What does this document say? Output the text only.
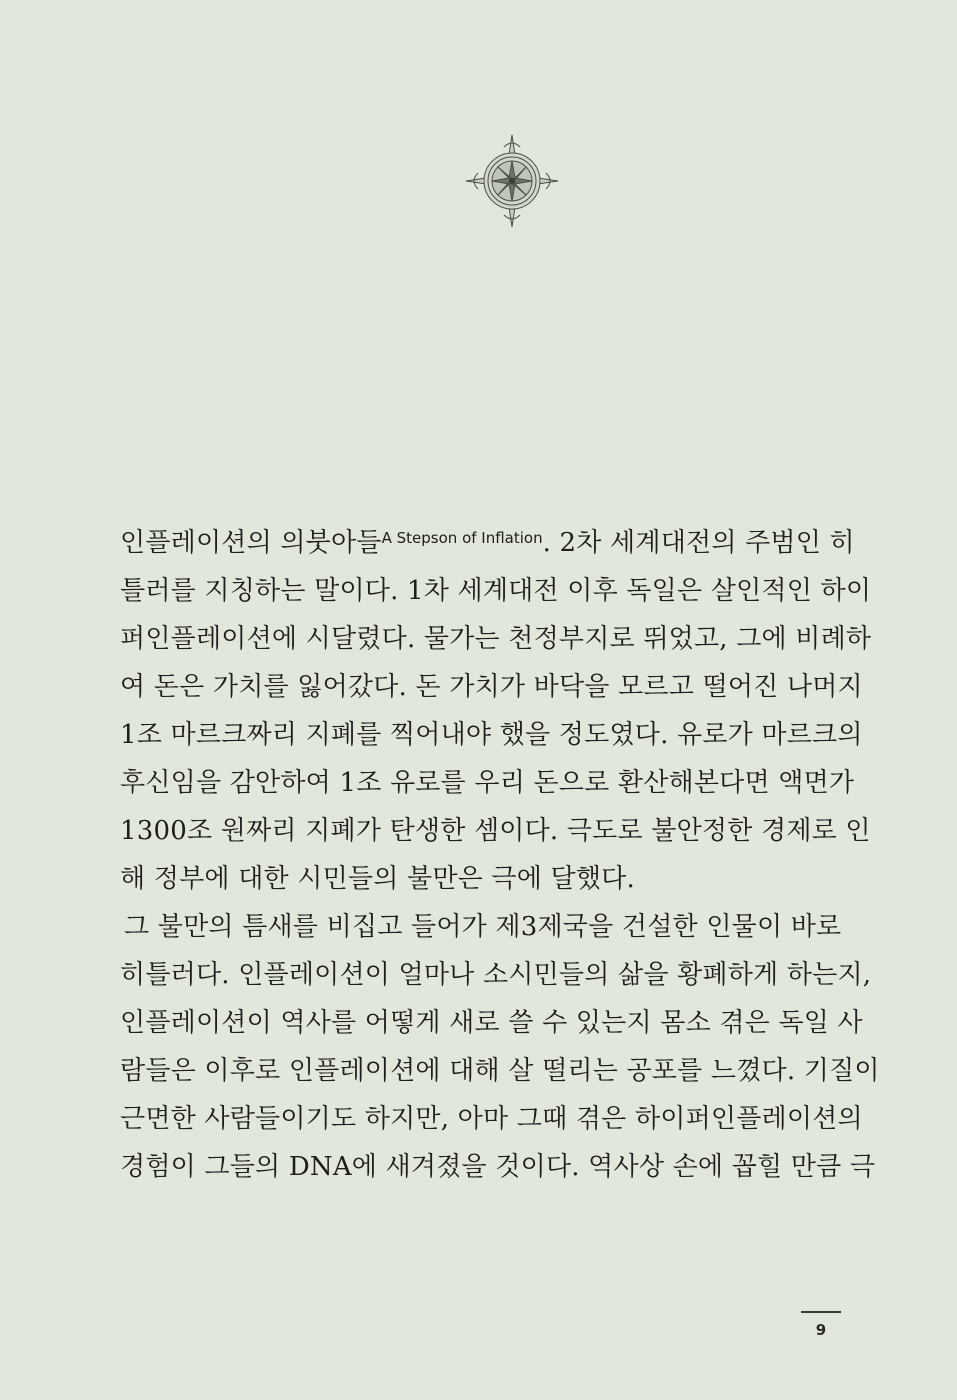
인플레이션의 의붓아들$^{A Stepson of Inflation}$. 2차 세계대전의 주범인 히
틀러를 지칭하는 말이다. 1차 세계대전 이후 독일은 살인적인 하이
퍼인플레이션에 시달렸다. 물가는 천정부지로 뛰었고, 그에 비례하
여 돈은 가치를 잃어갔다. 돈 가치가 바닥을 모르고 떨어진 나머지
1조 마르크짜리 지폐를 찍어내야 했을 정도였다. 유로가 마르크의
후신임을 감안하여 1조 유로를 우리 돈으로 환산해본다면 액면가
1300조 원짜리 지폐가 탄생한 셈이다. 극도로 불안정한 경제로 인
해 정부에 대한 시민들의 불만은 극에 달했다.
그 불만의 틈새를 비집고 들어가 제3제국을 건설한 인물이 바로
히틀러다. 인플레이션이 얼마나 소시민들의 삶을 황폐하게 하는지,
인플레이션이 역사를 어떻게 새로 쓸 수 있는지 몸소 겪은 독일 사
람들은 이후로 인플레이션에 대해 살 떨리는 공포를 느꼈다. 기질이
근면한 사람들이기도 하지만, 아마 그때 겪은 하이퍼인플레이션의
경험이 그들의 DNA에 새겨졌을 것이다. 역사상 손에 꼽힐 만큼 극
9
